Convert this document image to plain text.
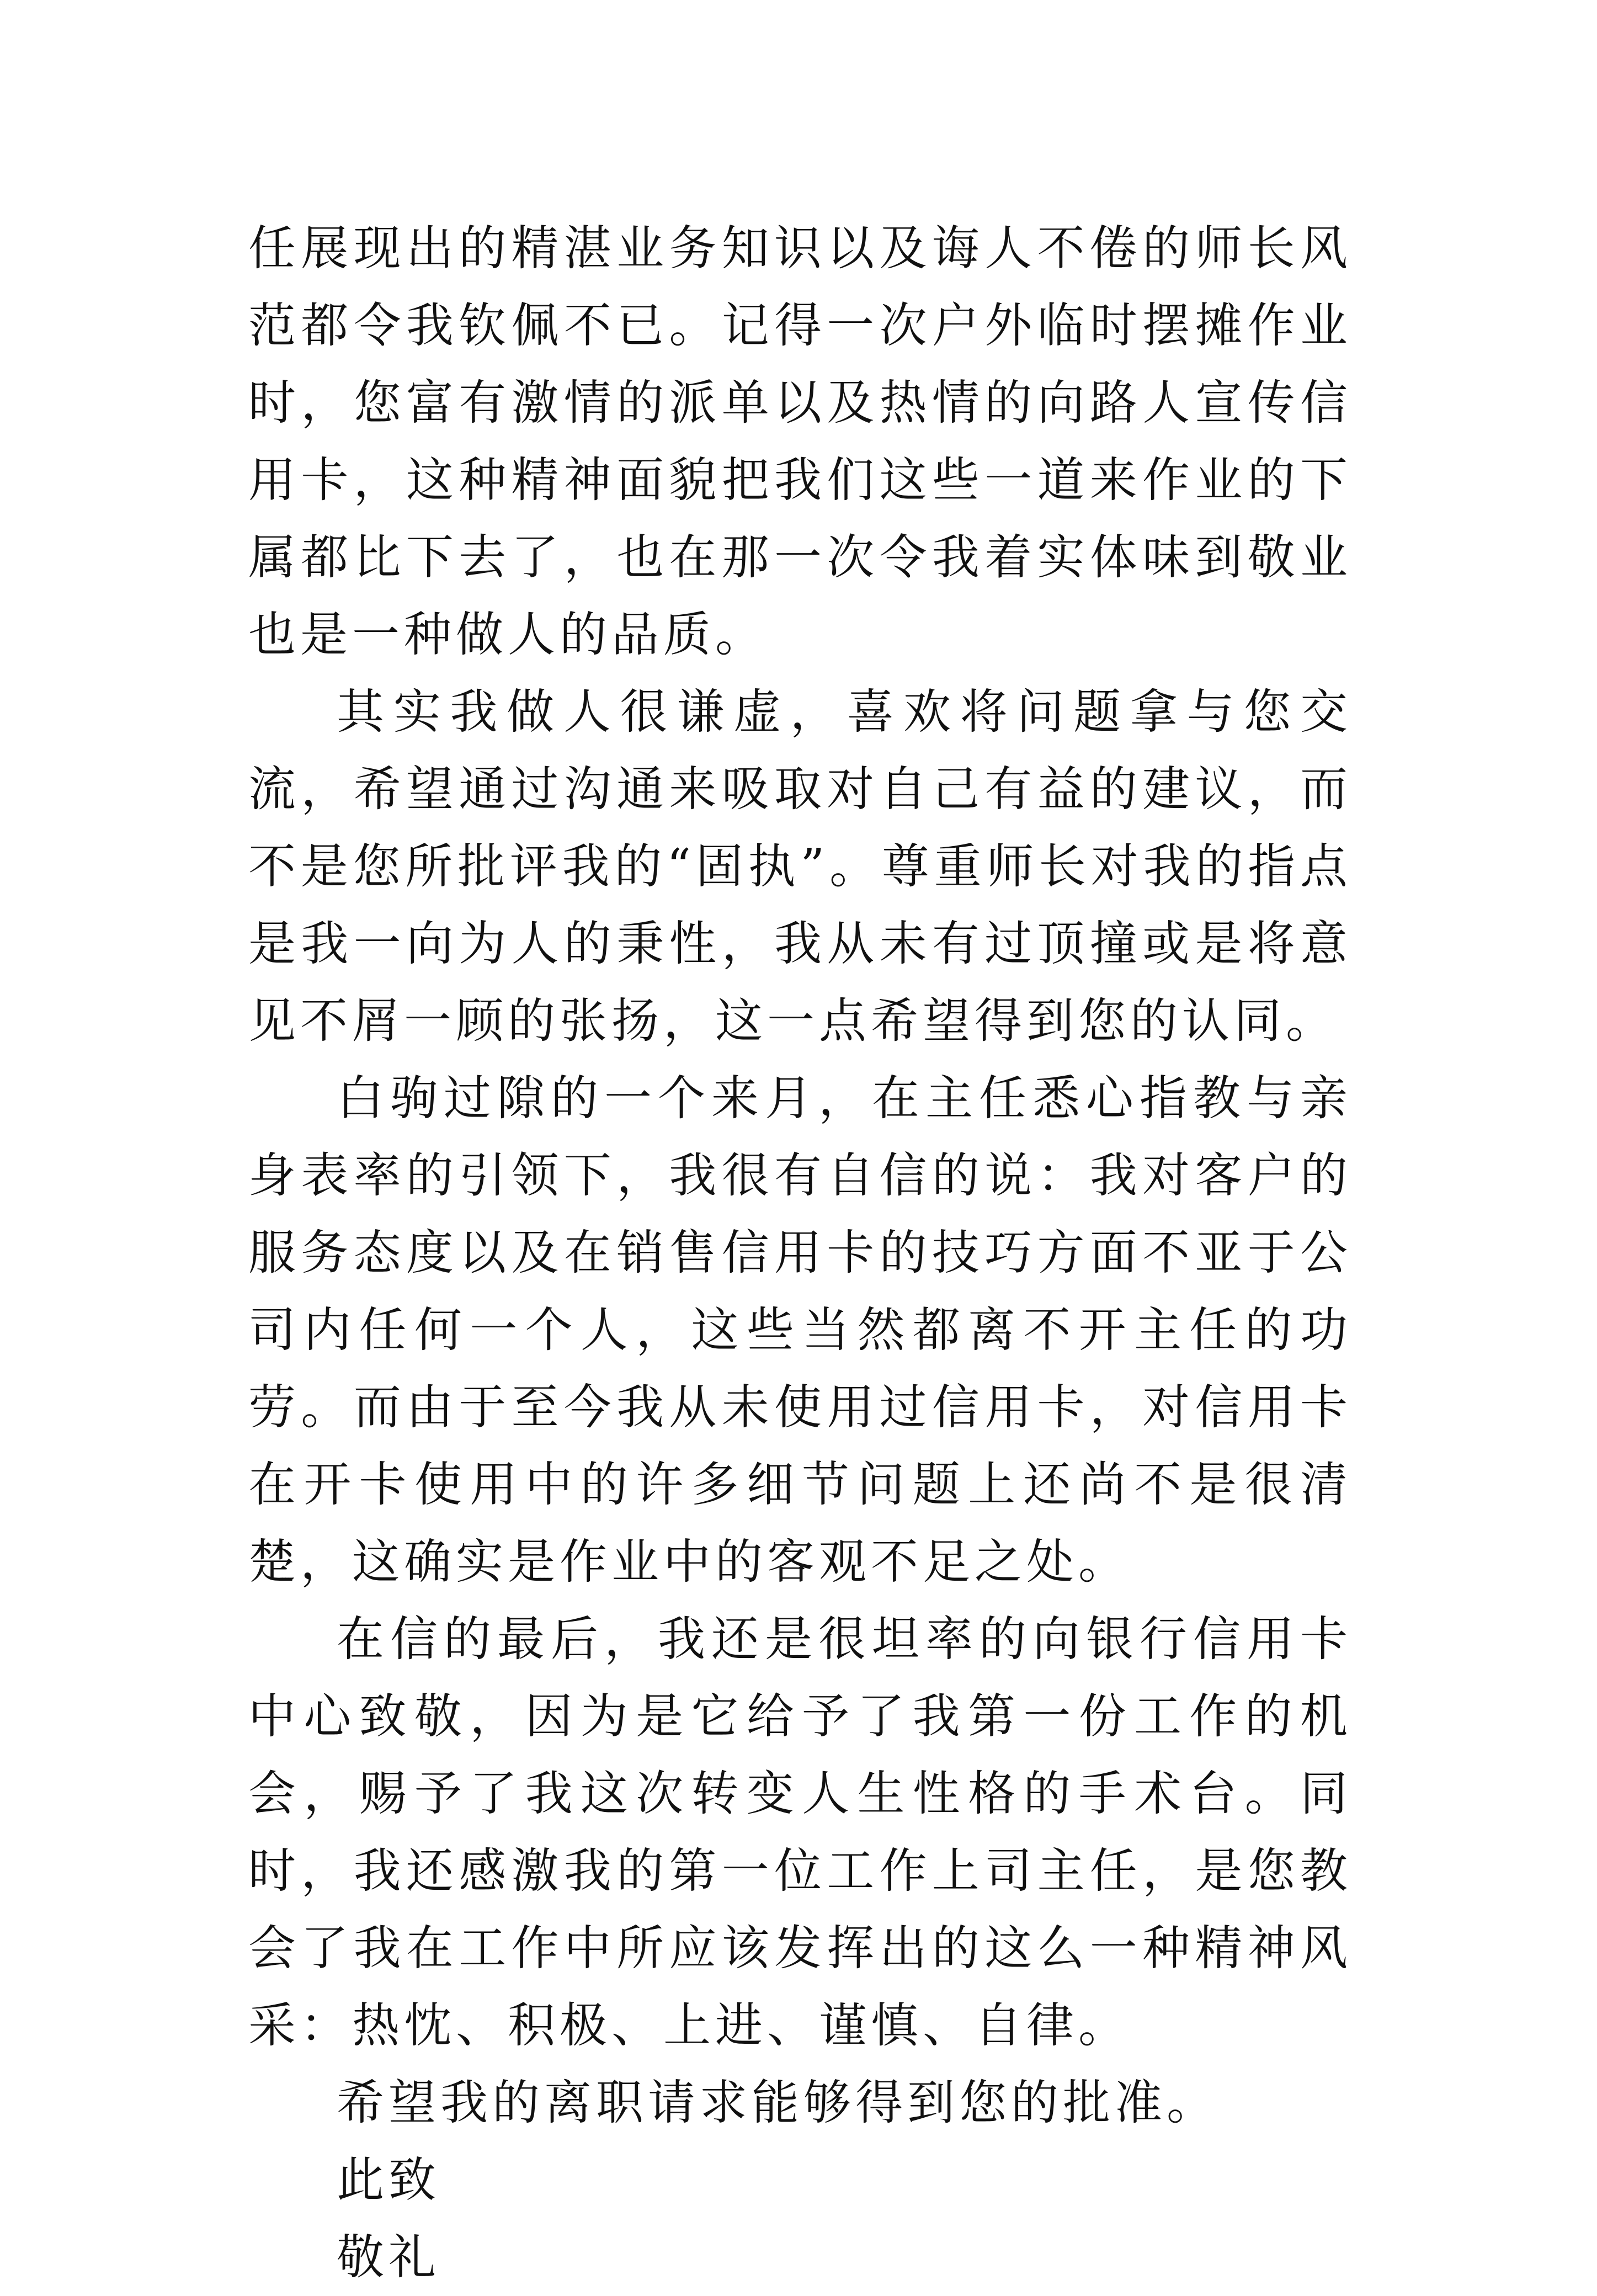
任展现出的精湛业务知识以及诲人不倦的师长风范都令我钦佩不已。记得一次户外临时摆摊作业时，您富有激情的派单以及热情的向路人宣传信用卡，这种精神面貌把我们这些一道来作业的下属都比下去了，也在那一次令我着实体味到敬业也是一种做人的品质。

其实我做人很谦虚，喜欢将问题拿与您交流，希望通过沟通来吸取对自己有益的建议，而不是您所批评我的“固执”。尊重师长对我的指点是我一向为人的秉性，我从未有过顶撞或是将意见不屑一顾的张扬，这一点希望得到您的认同。

白驹过隙的一个来月，在主任悉心指教与亲身表率的引领下，我很有自信的说：我对客户的服务态度以及在销售信用卡的技巧方面不亚于公司内任何一个人，这些当然都离不开主任的功劳。而由于至今我从未使用过信用卡，对信用卡在开卡使用中的许多细节问题上还尚不是很清楚，这确实是作业中的客观不足之处。

在信的最后，我还是很坦率的向银行信用卡中心致敬，因为是它给予了我第一份工作的机会，赐予了我这次转变人生性格的手术台。同时，我还感激我的第一位工作上司主任，是您教会了我在工作中所应该发挥出的这么一种精神风采：热忱、积极、上进、谨慎、自律。

希望我的离职请求能够得到您的批准。

此致

敬礼
